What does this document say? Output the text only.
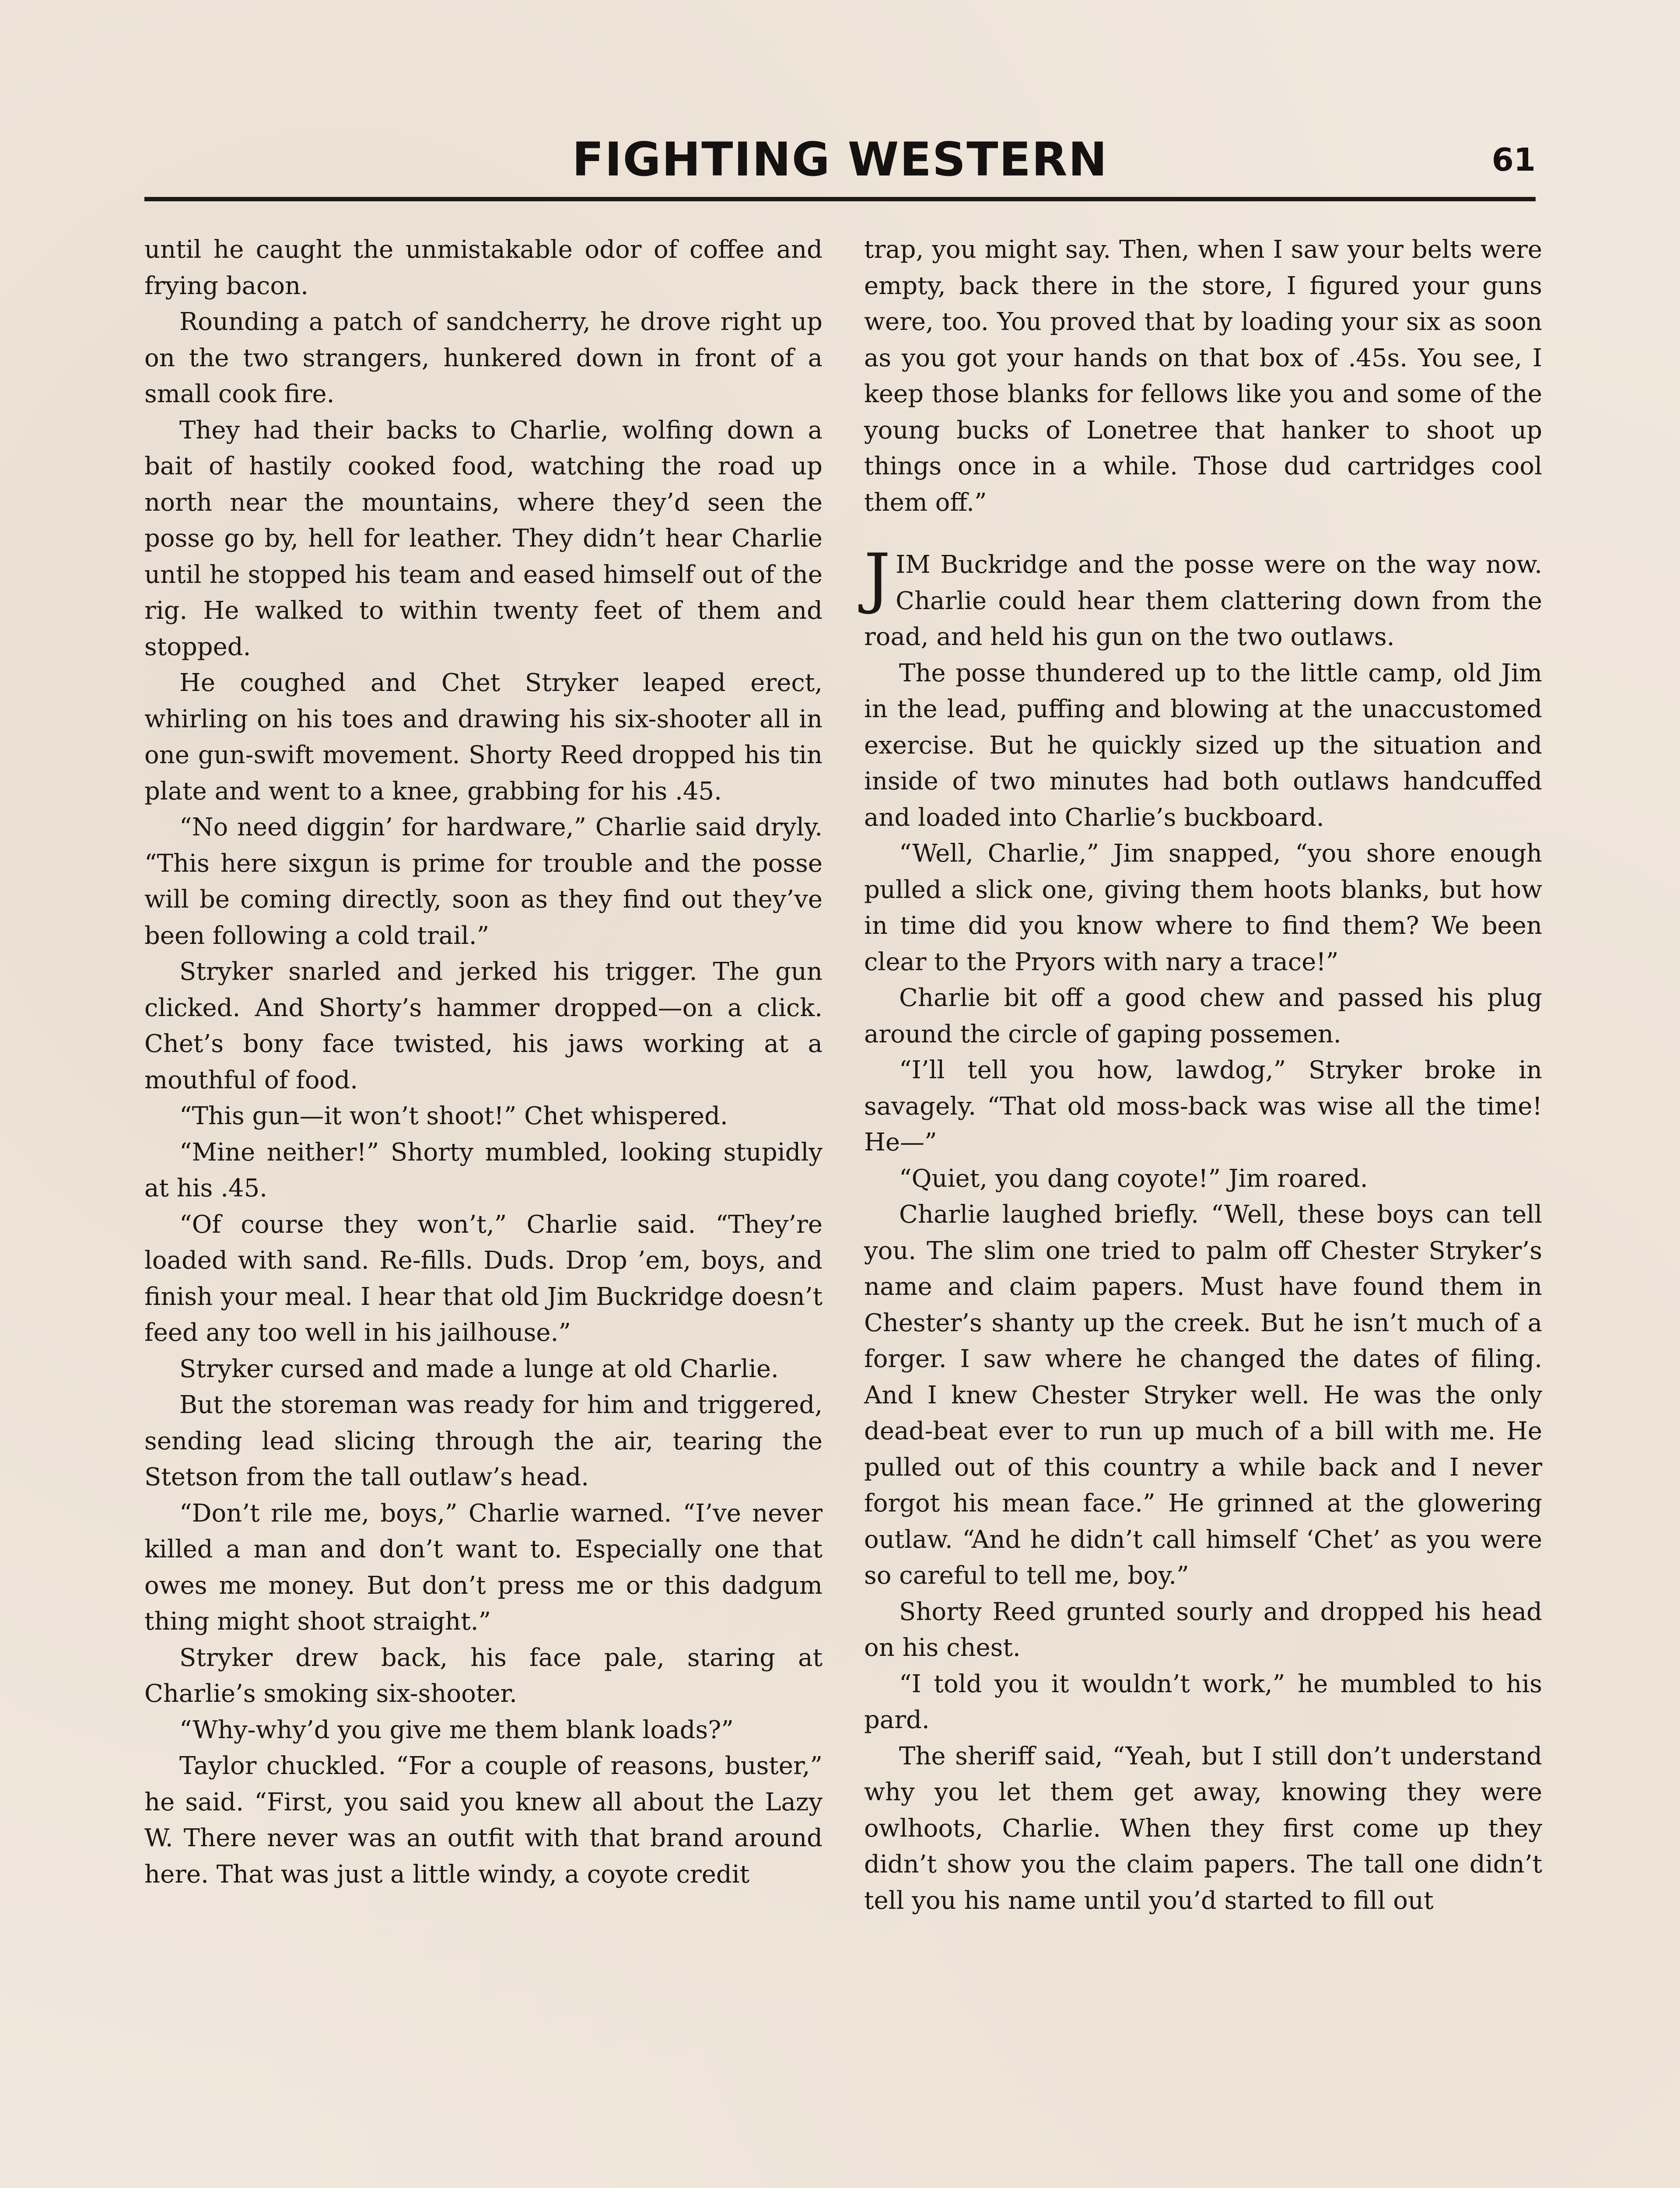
FIGHTING WESTERN	61

until he caught the unmistakable odor of coffee and frying bacon.

Rounding a patch of sandcherry, he drove right up on the two strangers, hunkered down in front of a small cook fire.

They had their backs to Charlie, wolfing down a bait of hastily cooked food, watching the road up north near the mountains, where they’d seen the posse go by, hell for leather. They didn’t hear Charlie until he stopped his team and eased himself out of the rig. He walked to within twenty feet of them and stopped.

He coughed and Chet Stryker leaped erect, whirling on his toes and drawing his six-shooter all in one gun-swift movement. Shorty Reed dropped his tin plate and went to a knee, grabbing for his .45.

“No need diggin’ for hardware,” Charlie said dryly. “This here sixgun is prime for trouble and the posse will be coming directly, soon as they find out they’ve been following a cold trail.”

Stryker snarled and jerked his trigger. The gun clicked. And Shorty’s hammer dropped—on a click. Chet’s bony face twisted, his jaws working at a mouthful of food.

“This gun—it won’t shoot!” Chet whispered.

“Mine neither!” Shorty mumbled, looking stupidly at his .45.

“Of course they won’t,” Charlie said. “They’re loaded with sand. Re-fills. Duds. Drop ’em, boys, and finish your meal. I hear that old Jim Buckridge doesn’t feed any too well in his jailhouse.”

Stryker cursed and made a lunge at old Charlie.

But the storeman was ready for him and triggered, sending lead slicing through the air, tearing the Stetson from the tall outlaw’s head.

“Don’t rile me, boys,” Charlie warned. “I’ve never killed a man and don’t want to. Especially one that owes me money. But don’t press me or this dadgum thing might shoot straight.”

Stryker drew back, his face pale, staring at Charlie’s smoking six-shooter.

“Why-why’d you give me them blank loads?”

Taylor chuckled. “For a couple of reasons, buster,” he said. “First, you said you knew all about the Lazy W. There never was an outfit with that brand around here. That was just a little windy, a coyote credit

trap, you might say. Then, when I saw your belts were empty, back there in the store, I figured your guns were, too. You proved that by loading your six as soon as you got your hands on that box of .45s. You see, I keep those blanks for fellows like you and some of the young bucks of Lonetree that hanker to shoot up things once in a while. Those dud cartridges cool them off.”

JIM Buckridge and the posse were on the way now. Charlie could hear them clattering down from the road, and held his gun on the two outlaws.

The posse thundered up to the little camp, old Jim in the lead, puffing and blowing at the unaccustomed exercise. But he quickly sized up the situation and inside of two minutes had both outlaws handcuffed and loaded into Charlie’s buckboard.

“Well, Charlie,” Jim snapped, “you shore enough pulled a slick one, giving them hoots blanks, but how in time did you know where to find them? We been clear to the Pryors with nary a trace!”

Charlie bit off a good chew and passed his plug around the circle of gaping possemen.

“I’ll tell you how, lawdog,” Stryker broke in savagely. “That old moss-back was wise all the time! He—”

“Quiet, you dang coyote!” Jim roared.

Charlie laughed briefly. “Well, these boys can tell you. The slim one tried to palm off Chester Stryker’s name and claim papers. Must have found them in Chester’s shanty up the creek. But he isn’t much of a forger. I saw where he changed the dates of filing. And I knew Chester Stryker well. He was the only dead-beat ever to run up much of a bill with me. He pulled out of this country a while back and I never forgot his mean face.” He grinned at the glowering outlaw. “And he didn’t call himself ‘Chet’ as you were so careful to tell me, boy.”

Shorty Reed grunted sourly and dropped his head on his chest.

“I told you it wouldn’t work,” he mumbled to his pard.

The sheriff said, “Yeah, but I still don’t understand why you let them get away, knowing they were owlhoots, Charlie. When they first come up they didn’t show you the claim papers. The tall one didn’t tell you his name until you’d started to fill out
